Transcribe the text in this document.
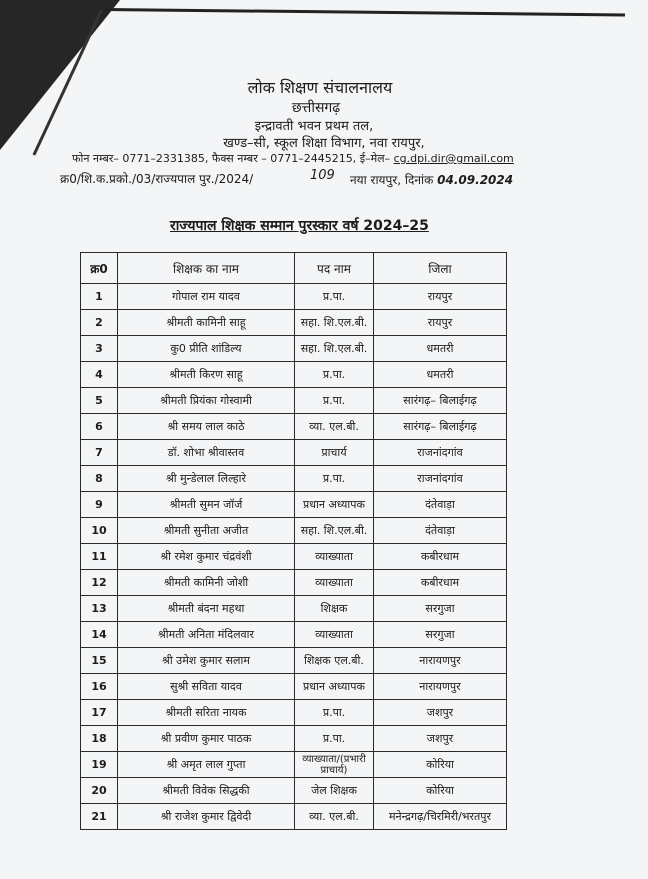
लोक शिक्षण संचालनालय
छत्तीसगढ़
इन्द्रावती भवन प्रथम तल,
खण्ड–सी, स्कूल शिक्षा विभाग, नवा रायपुर,
फोन नम्बर– 0771–2331385, फैक्स नम्बर – 0771–2445215, ई–मेल– cg.dpi.dir@gmail.com
क्र0/शि.क.प्रको./03/राज्यपाल पुर./2024/	109 नया रायपुर, दिनांक 04.09.2024
राज्यपाल शिक्षक सम्मान पुरस्कार वर्ष 2024–25
क्र0	शिक्षक का नाम	पद नाम	जिला
1	गोपाल राम यादव	प्र.पा.	रायपुर
2	श्रीमती कामिनी साहू	सहा. शि.एल.बी.	रायपुर
3	कु0 प्रीति शांडिल्य	सहा. शि.एल.बी.	धमतरी
4	श्रीमती किरण साहू	प्र.पा.	धमतरी
5	श्रीमती प्रियंका गोस्वामी	प्र.पा.	सारंगढ़– बिलाईगढ़
6	श्री समय लाल काठे	व्या. एल.बी.	सारंगढ़– बिलाईगढ़
7	डॉ. शोभा श्रीवास्तव	प्राचार्य	राजनांदगांव
8	श्री मुन्डेलाल लिल्हारे	प्र.पा.	राजनांदगांव
9	श्रीमती सुमन जॉर्ज	प्रधान अध्यापक	दंतेवाड़ा
10	श्रीमती सुनीता अजीत	सहा. शि.एल.बी.	दंतेवाड़ा
11	श्री रमेश कुमार चंद्रवंशी	व्याख्याता	कबीरधाम
12	श्रीमती कामिनी जोशी	व्याख्याता	कबीरधाम
13	श्रीमती बंदना महथा	शिक्षक	सरगुजा
14	श्रीमती अनिता मंदिलवार	व्याख्याता	सरगुजा
15	श्री उमेश कुमार सलाम	शिक्षक एल.बी.	नारायणपुर
16	सुश्री सविता यादव	प्रधान अध्यापक	नारायणपुर
17	श्रीमती सरिता नायक	प्र.पा.	जशपुर
18	श्री प्रवीण कुमार पाठक	प्र.पा.	जशपुर
19	श्री अमृत लाल गुप्ता	व्याख्याता/(प्रभारी प्राचार्य)	कोरिया
20	श्रीमती विवेक सिद्धकी	जेल शिक्षक	कोरिया
21	श्री राजेश कुमार द्विवेदी	व्या. एल.बी.	मनेन्द्रगढ़/चिरमिरी/भरतपुर
